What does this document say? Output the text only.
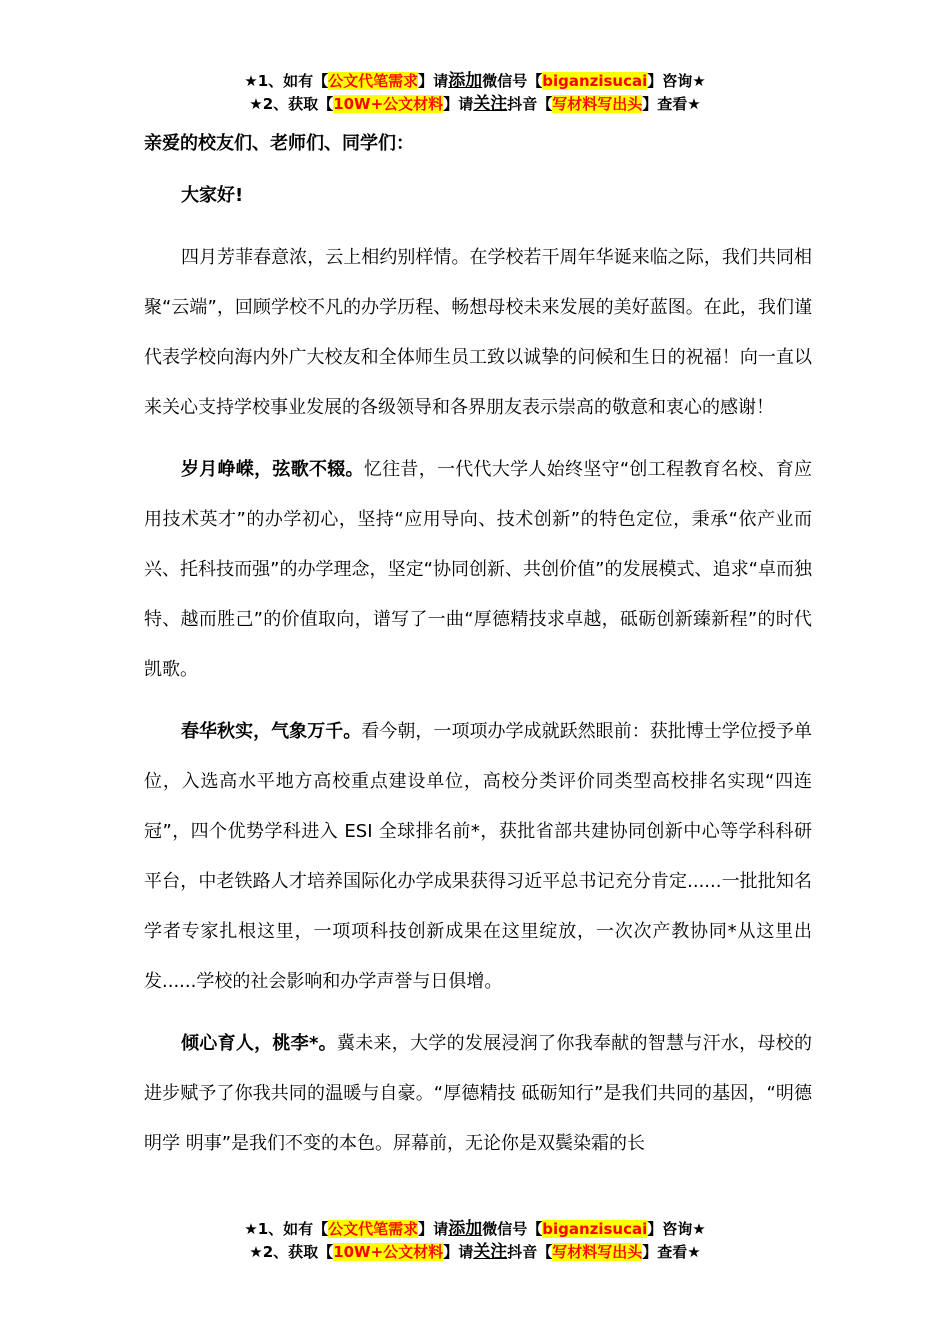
★1、如有【公文代笔需求】请添加微信号【biganzisucai】咨询★
★2、获取【10W+公文材料】请关注抖音【写材料写出头】查看★

亲爱的校友们、老师们、同学们：

大家好!

四月芳菲春意浓，云上相约别样情。在学校若干周年华诞来临之际，我们共同相聚“云端”，回顾学校不凡的办学历程、畅想母校未来发展的美好蓝图。在此，我们谨代表学校向海内外广大校友和全体师生员工致以诚挚的问候和生日的祝福！向一直以来关心支持学校事业发展的各级领导和各界朋友表示崇高的敬意和衷心的感谢！

岁月峥嵘，弦歌不辍。忆往昔，一代代大学人始终坚守“创工程教育名校、育应用技术英才”的办学初心，坚持“应用导向、技术创新”的特色定位，秉承“依产业而兴、托科技而强”的办学理念，坚定“协同创新、共创价值”的发展模式、追求“卓而独特、越而胜己”的价值取向，谱写了一曲“厚德精技求卓越，砥砺创新臻新程”的时代凯歌。

春华秋实，气象万千。看今朝，一项项办学成就跃然眼前：获批博士学位授予单位，入选高水平地方高校重点建设单位，高校分类评价同类型高校排名实现“四连冠”，四个优势学科进入 ESI 全球排名前*，获批省部共建协同创新中心等学科科研平台，中老铁路人才培养国际化办学成果获得习近平总书记充分肯定......一批批知名学者专家扎根这里，一项项科技创新成果在这里绽放，一次次产教协同*从这里出发......学校的社会影响和办学声誉与日俱增。

倾心育人，桃李*。冀未来，大学的发展浸润了你我奉献的智慧与汗水，母校的进步赋予了你我共同的温暖与自豪。“厚德精技 砥砺知行”是我们共同的基因，“明德 明学 明事”是我们不变的本色。屏幕前，无论你是双鬓染霜的长

★1、如有【公文代笔需求】请添加微信号【biganzisucai】咨询★
★2、获取【10W+公文材料】请关注抖音【写材料写出头】查看★
